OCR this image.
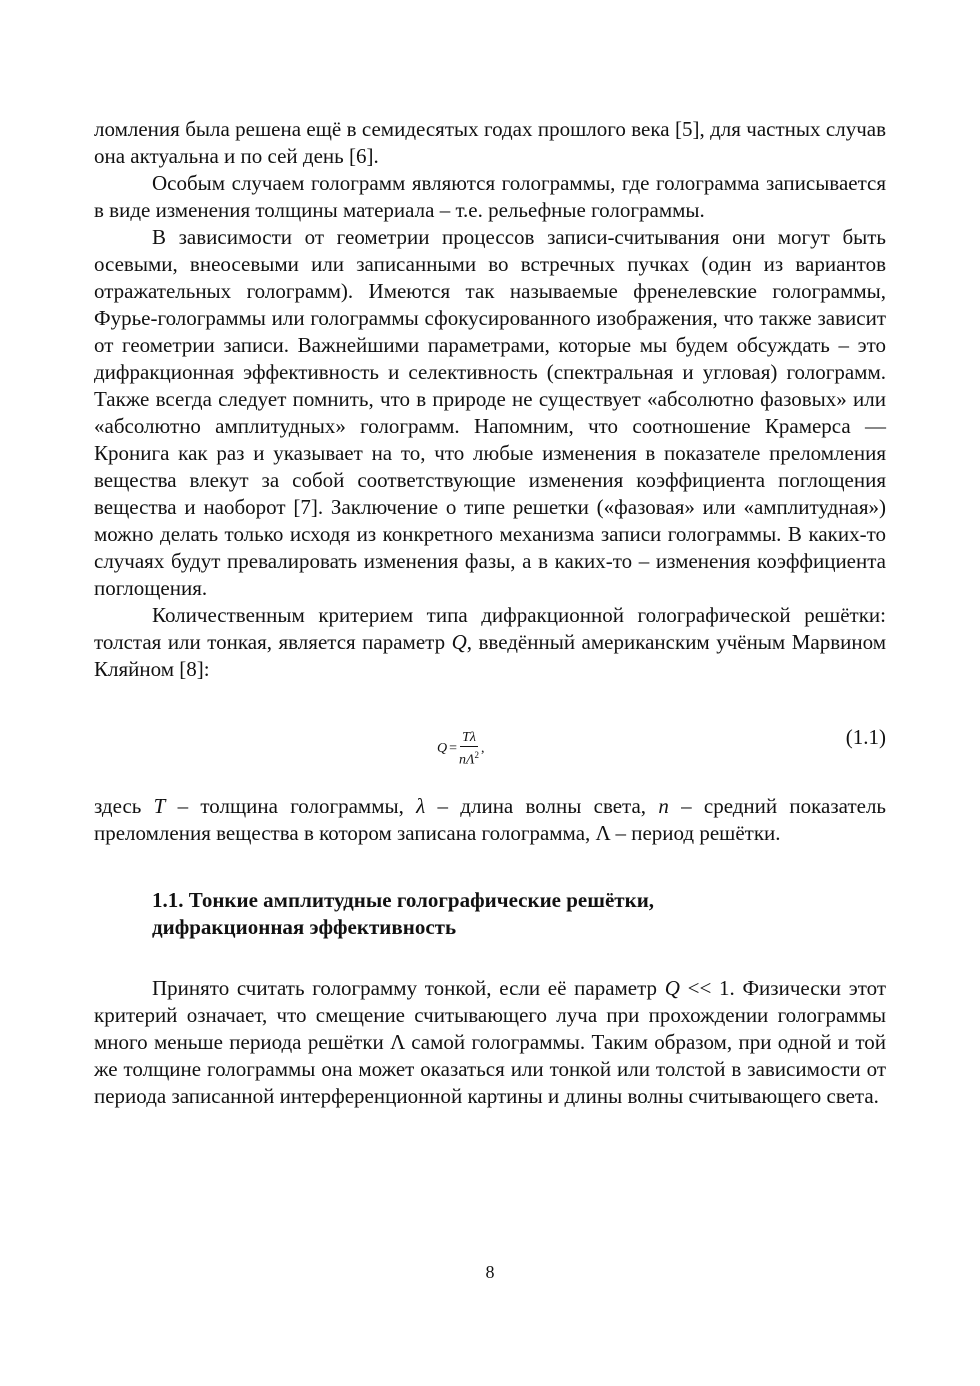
ломления была решена ещё в семидесятых годах прошлого века [5], для частных случав она актуальна и по сей день [6].

Особым случаем голограмм являются голограммы, где голограмма записывается в виде изменения толщины материала – т.е. рельефные голограммы.

В зависимости от геометрии процессов записи-считывания они могут быть осевыми, внеосевыми или записанными во встречных пучках (один из вариантов отражательных голограмм). Имеются так называемые френелевские голограммы, Фурье-голограммы или голограммы сфокусированного изображения, что также зависит от геометрии записи. Важнейшими параметрами, которые мы будем обсуждать – это дифракционная эффективность и селективность (спектральная и угловая) голограмм. Также всегда следует помнить, что в природе не существует «абсолютно фазовых» или «абсолютно амплитудных» голограмм. Напомним, что соотношение Крамерса — Кронига как раз и указывает на то, что любые изменения в показателе преломления вещества влекут за собой соответствующие изменения коэффициента поглощения вещества и наоборот [7]. Заключение о типе решетки («фазовая» или «амплитудная») можно делать только исходя из конкретного механизма записи голограммы. В каких-то случаях будут превалировать изменения фазы, а в каких-то – изменения коэффициента поглощения.

Количественным критерием типа дифракционной голографической решётки: толстая или тонкая, является параметр Q, введённый американским учёным Марвином Кляйном [8]:

$Q = \frac{T\lambda}{n\Lambda^2}$ ,	(1.1)

здесь T – толщина голограммы, λ – длина волны света, n – средний показатель преломления вещества в котором записана голограмма, Λ – период решётки.

1.1. Тонкие амплитудные голографические решётки,
дифракционная эффективность

Принято считать голограмму тонкой, если её параметр Q << 1. Физически этот критерий означает, что смещение считывающего луча при прохождении голограммы много меньше периода решётки Λ самой голограммы. Таким образом, при одной и той же толщине голограммы она может оказаться или тонкой или толстой в зависимости от периода записанной интерференционной картины и длины волны считывающего света.

8
